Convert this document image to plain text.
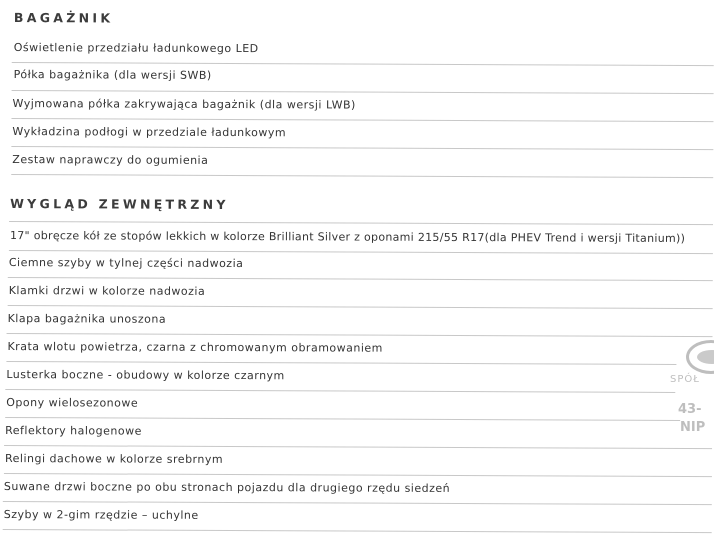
BAGAŻNIK
Oświetlenie przedziału ładunkowego LED
Półka bagażnika (dla wersji SWB)
Wyjmowana półka zakrywająca bagażnik (dla wersji LWB)
Wykładzina podłogi w przedziale ładunkowym
Zestaw naprawczy do ogumienia
WYGLĄD ZEWNĘTRZNY
17" obręcze kół ze stopów lekkich w kolorze Brilliant Silver z oponami 215/55 R17(dla PHEV Trend i wersji Titanium))
Ciemne szyby w tylnej części nadwozia
Klamki drzwi w kolorze nadwozia
Klapa bagażnika unoszona
Krata wlotu powietrza, czarna z chromowanym obramowaniem
Lusterka boczne - obudowy w kolorze czarnym
Opony wielosezonowe
Reflektory halogenowe
Relingi dachowe w kolorze srebrnym
Suwane drzwi boczne po obu stronach pojazdu dla drugiego rzędu siedzeń
Szyby w 2-gim rzędzie – uchylne
SPÓŁ
43-
NIP
